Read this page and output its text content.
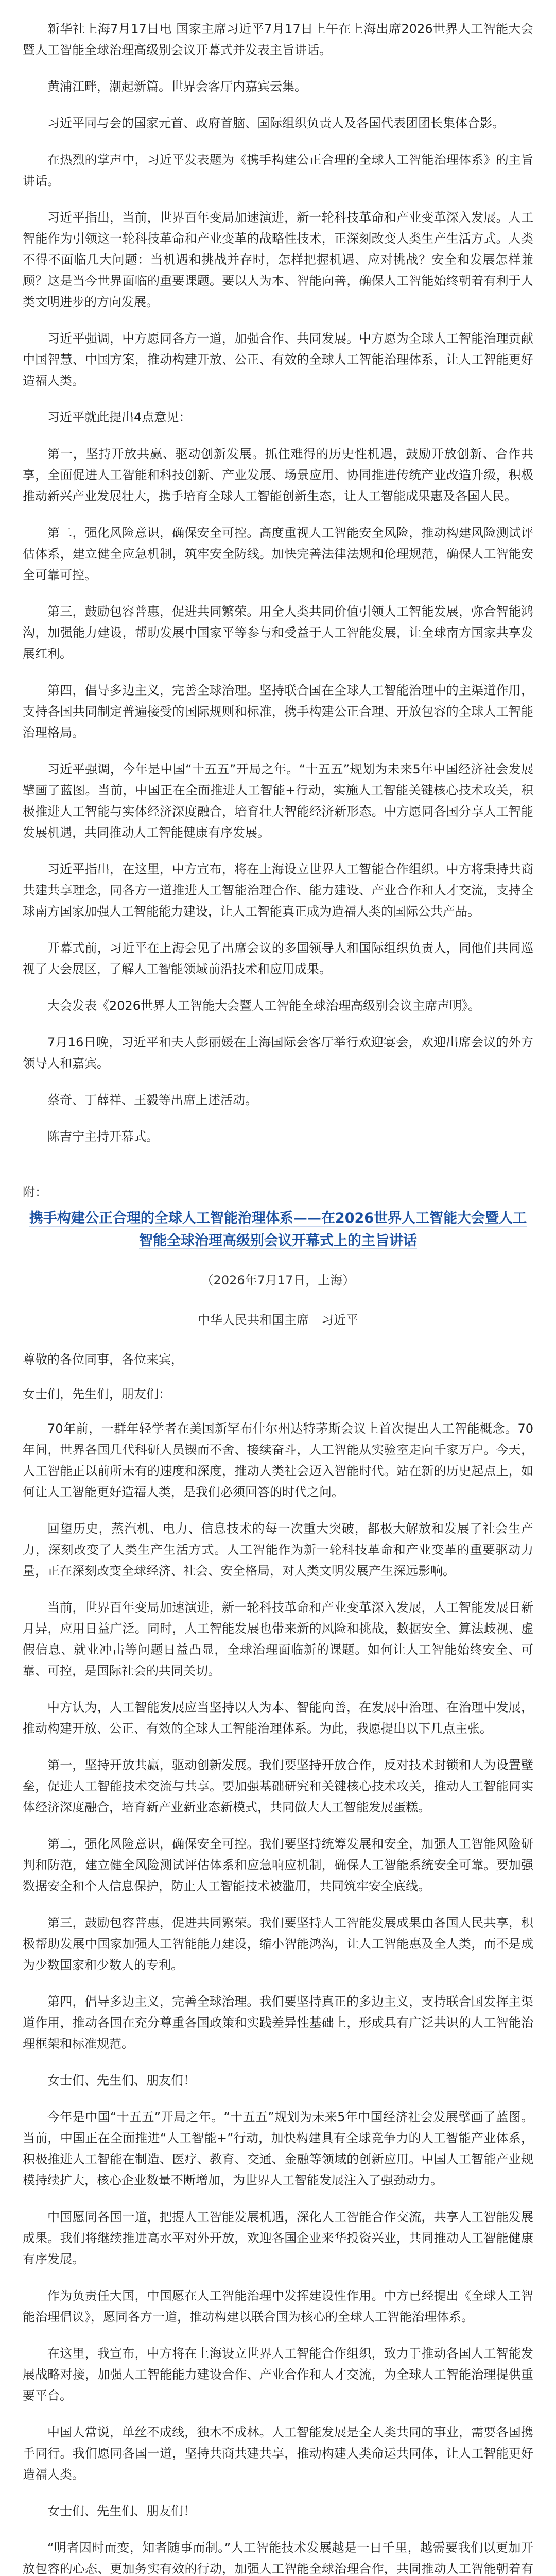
新华社上海7月17日电 国家主席习近平7月17日上午在上海出席2026世界人工智能大会暨人工智能全球治理高级别会议开幕式并发表主旨讲话。

黄浦江畔，潮起新篇。世界会客厅内嘉宾云集。

习近平同与会的国家元首、政府首脑、国际组织负责人及各国代表团团长集体合影。

在热烈的掌声中，习近平发表题为《携手构建公正合理的全球人工智能治理体系》的主旨讲话。

习近平指出，当前，世界百年变局加速演进，新一轮科技革命和产业变革深入发展。人工智能作为引领这一轮科技革命和产业变革的战略性技术，正深刻改变人类生产生活方式。人类不得不面临几大问题：当机遇和挑战并存时，怎样把握机遇、应对挑战？安全和发展怎样兼顾？这是当今世界面临的重要课题。要以人为本、智能向善，确保人工智能始终朝着有利于人类文明进步的方向发展。

习近平强调，中方愿同各方一道，加强合作、共同发展。中方愿为全球人工智能治理贡献中国智慧、中国方案，推动构建开放、公正、有效的全球人工智能治理体系，让人工智能更好造福人类。

习近平就此提出4点意见：

第一，坚持开放共赢、驱动创新发展。抓住难得的历史性机遇，鼓励开放创新、合作共享，全面促进人工智能和科技创新、产业发展、场景应用、协同推进传统产业改造升级，积极推动新兴产业发展壮大，携手培育全球人工智能创新生态，让人工智能成果惠及各国人民。

第二，强化风险意识，确保安全可控。高度重视人工智能安全风险，推动构建风险测试评估体系，建立健全应急机制，筑牢安全防线。加快完善法律法规和伦理规范，确保人工智能安全可靠可控。

第三，鼓励包容普惠，促进共同繁荣。用全人类共同价值引领人工智能发展，弥合智能鸿沟，加强能力建设，帮助发展中国家平等参与和受益于人工智能发展，让全球南方国家共享发展红利。

第四，倡导多边主义，完善全球治理。坚持联合国在全球人工智能治理中的主渠道作用，支持各国共同制定普遍接受的国际规则和标准，携手构建公正合理、开放包容的全球人工智能治理格局。

习近平强调，今年是中国“十五五”开局之年。“十五五”规划为未来5年中国经济社会发展擘画了蓝图。当前，中国正在全面推进人工智能+行动，实施人工智能关键核心技术攻关，积极推进人工智能与实体经济深度融合，培育壮大智能经济新形态。中方愿同各国分享人工智能发展机遇，共同推动人工智能健康有序发展。

习近平指出，在这里，中方宣布，将在上海设立世界人工智能合作组织。中方将秉持共商共建共享理念，同各方一道推进人工智能治理合作、能力建设、产业合作和人才交流，支持全球南方国家加强人工智能能力建设，让人工智能真正成为造福人类的国际公共产品。

开幕式前，习近平在上海会见了出席会议的多国领导人和国际组织负责人，同他们共同巡视了大会展区，了解人工智能领域前沿技术和应用成果。

大会发表《2026世界人工智能大会暨人工智能全球治理高级别会议主席声明》。

7月16日晚，习近平和夫人彭丽媛在上海国际会客厅举行欢迎宴会，欢迎出席会议的外方领导人和嘉宾。

蔡奇、丁薛祥、王毅等出席上述活动。

陈吉宁主持开幕式。

附：

携手构建公正合理的全球人工智能治理体系——在2026世界人工智能大会暨人工智能全球治理高级别会议开幕式上的主旨讲话

（2026年7月17日，上海）

中华人民共和国主席　习近平

尊敬的各位同事，各位来宾，

女士们，先生们，朋友们：

70年前，一群年轻学者在美国新罕布什尔州达特茅斯会议上首次提出人工智能概念。70年间，世界各国几代科研人员锲而不舍、接续奋斗，人工智能从实验室走向千家万户。今天，人工智能正以前所未有的速度和深度，推动人类社会迈入智能时代。站在新的历史起点上，如何让人工智能更好造福人类，是我们必须回答的时代之问。

回望历史，蒸汽机、电力、信息技术的每一次重大突破，都极大解放和发展了社会生产力，深刻改变了人类生产生活方式。人工智能作为新一轮科技革命和产业变革的重要驱动力量，正在深刻改变全球经济、社会、安全格局，对人类文明发展产生深远影响。

当前，世界百年变局加速演进，新一轮科技革命和产业变革深入发展，人工智能发展日新月异，应用日益广泛。同时，人工智能发展也带来新的风险和挑战，数据安全、算法歧视、虚假信息、就业冲击等问题日益凸显，全球治理面临新的课题。如何让人工智能始终安全、可靠、可控，是国际社会的共同关切。

中方认为，人工智能发展应当坚持以人为本、智能向善，在发展中治理、在治理中发展，推动构建开放、公正、有效的全球人工智能治理体系。为此，我愿提出以下几点主张。

第一，坚持开放共赢，驱动创新发展。我们要坚持开放合作，反对技术封锁和人为设置壁垒，促进人工智能技术交流与共享。要加强基础研究和关键核心技术攻关，推动人工智能同实体经济深度融合，培育新产业新业态新模式，共同做大人工智能发展蛋糕。

第二，强化风险意识，确保安全可控。我们要坚持统筹发展和安全，加强人工智能风险研判和防范，建立健全风险测试评估体系和应急响应机制，确保人工智能系统安全可靠。要加强数据安全和个人信息保护，防止人工智能技术被滥用，共同筑牢安全底线。

第三，鼓励包容普惠，促进共同繁荣。我们要坚持人工智能发展成果由各国人民共享，积极帮助发展中国家加强人工智能能力建设，缩小智能鸿沟，让人工智能惠及全人类，而不是成为少数国家和少数人的专利。

第四，倡导多边主义，完善全球治理。我们要坚持真正的多边主义，支持联合国发挥主渠道作用，推动各国在充分尊重各国政策和实践差异性基础上，形成具有广泛共识的人工智能治理框架和标准规范。

女士们、先生们、朋友们！

今年是中国“十五五”开局之年。“十五五”规划为未来5年中国经济社会发展擘画了蓝图。当前，中国正在全面推进“人工智能+”行动，加快构建具有全球竞争力的人工智能产业体系，积极推进人工智能在制造、医疗、教育、交通、金融等领域的创新应用。中国人工智能产业规模持续扩大，核心企业数量不断增加，为世界人工智能发展注入了强劲动力。

中国愿同各国一道，把握人工智能发展机遇，深化人工智能合作交流，共享人工智能发展成果。我们将继续推进高水平对外开放，欢迎各国企业来华投资兴业，共同推动人工智能健康有序发展。

作为负责任大国，中国愿在人工智能治理中发挥建设性作用。中方已经提出《全球人工智能治理倡议》，愿同各方一道，推动构建以联合国为核心的全球人工智能治理体系。

在这里，我宣布，中方将在上海设立世界人工智能合作组织，致力于推动各国人工智能发展战略对接，加强人工智能能力建设合作、产业合作和人才交流，为全球人工智能治理提供重要平台。

中国人常说，单丝不成线，独木不成林。人工智能发展是全人类共同的事业，需要各国携手同行。我们愿同各国一道，坚持共商共建共享，推动构建人类命运共同体，让人工智能更好造福人类。

女士们、先生们、朋友们！

“明者因时而变，知者随事而制。”人工智能技术发展越是一日千里，越需要我们以更加开放包容的心态、更加务实有效的行动，加强人工智能全球治理合作，共同推动人工智能朝着有
